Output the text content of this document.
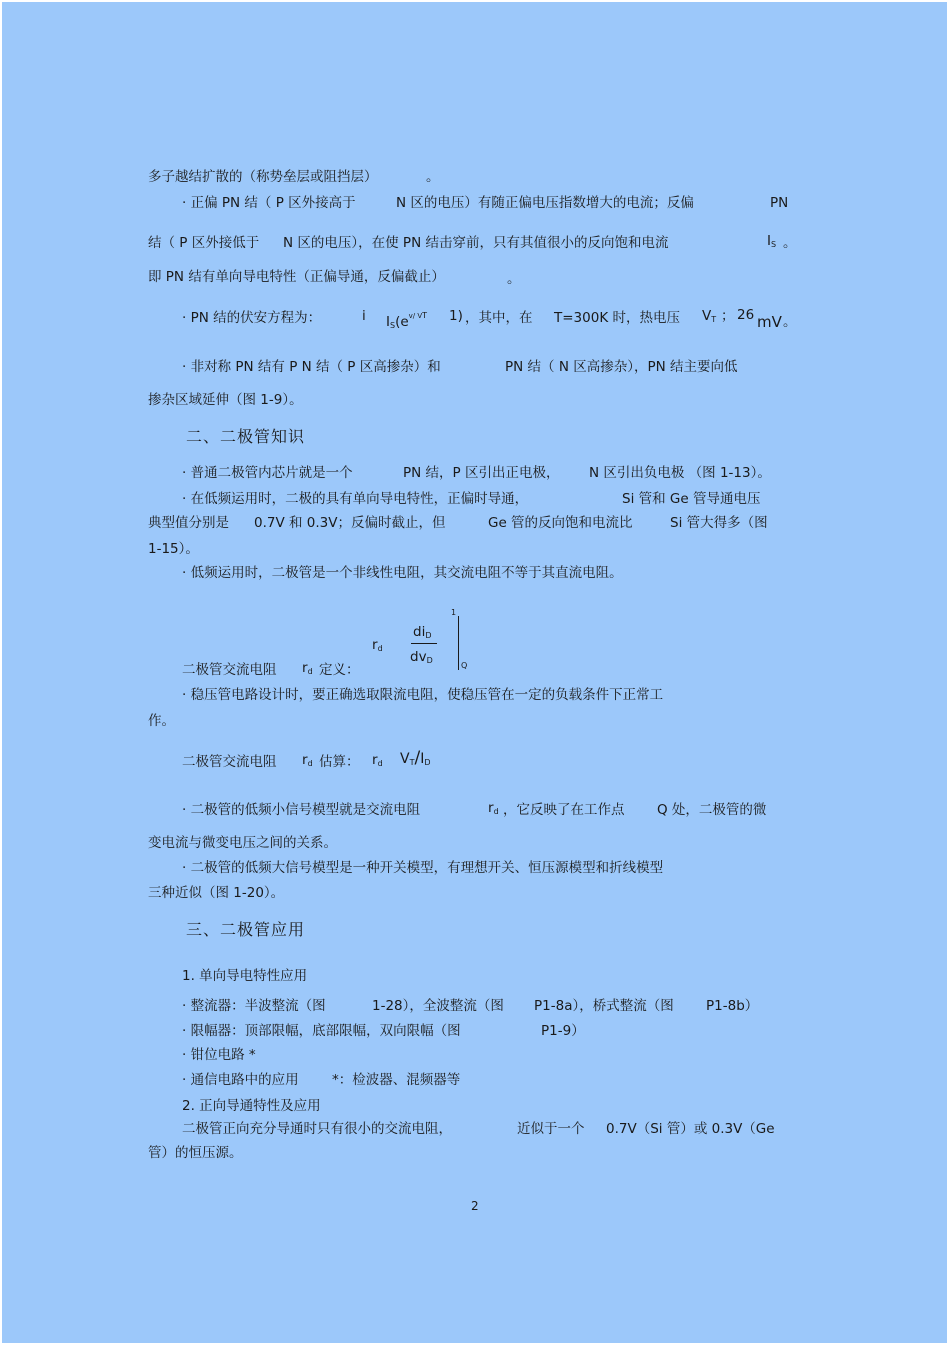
多子越结扩散的（称势垒层或阻挡层）	。
· 正偏 PN 结（ P 区外接高于	N 区的电压）有随正偏电压指数增大的电流；反偏	PN
结（ P 区外接低于 N 区的电压），在使 PN 结击穿前，只有其值很小的反向饱和电流	$I_S$ 。
即 PN 结有单向导电特性（正偏导通，反偏截止）	。
· PN 结的伏安方程为：	i $I_S(e^{v/ VT}$ 1) ，其中，在 T=300K 时，热电压 $V_T$ ； 26 mV 。
· 非对称 PN 结有 P N 结（ P 区高掺杂）和	PN 结（ N 区高掺杂），PN 结主要向低
掺杂区域延伸（图 1-9）。
二、二极管知识
· 普通二极管内芯片就是一个	PN 结，P 区引出正电极， N 区引出负电极 （图 1-13）。
· 在低频运用时，二极的具有单向导电特性，正偏时导通，	Si 管和 Ge 管导通电压
典型值分别是 0.7V 和 0.3V；反偏时截止，但	Ge 管的反向饱和电流比	Si 管大得多（图
1-15）。
· 低频运用时，二极管是一个非线性电阻，其交流电阻不等于其直流电阻。
$r_d$
$di_D$
$dv_D$
1
Q
二极管交流电阻 $r_d$ 定义：
· 稳压管电路设计时，要正确选取限流电阻，使稳压管在一定的负载条件下正常工
作。
二极管交流电阻 $r_d$ 估算： $r_d$ $V_T/I_D$
· 二极管的低频小信号模型就是交流电阻	$r_d$ ，它反映了在工作点 Q 处，二极管的微
变电流与微变电压之间的关系。
· 二极管的低频大信号模型是一种开关模型，有理想开关、恒压源模型和折线模型
三种近似（图 1-20）。
三、二极管应用
1. 单向导电特性应用
· 整流器：半波整流（图	1-28），全波整流（图 P1-8a），桥式整流（图 P1-8b）
· 限幅器：顶部限幅，底部限幅，双向限幅（图	P1-9）
· 钳位电路 *
· 通信电路中的应用 *：检波器、混频器等
2. 正向导通特性及应用
二极管正向充分导通时只有很小的交流电阻，	近似于一个 0.7V（Si 管）或 0.3V（Ge
管）的恒压源。
2
